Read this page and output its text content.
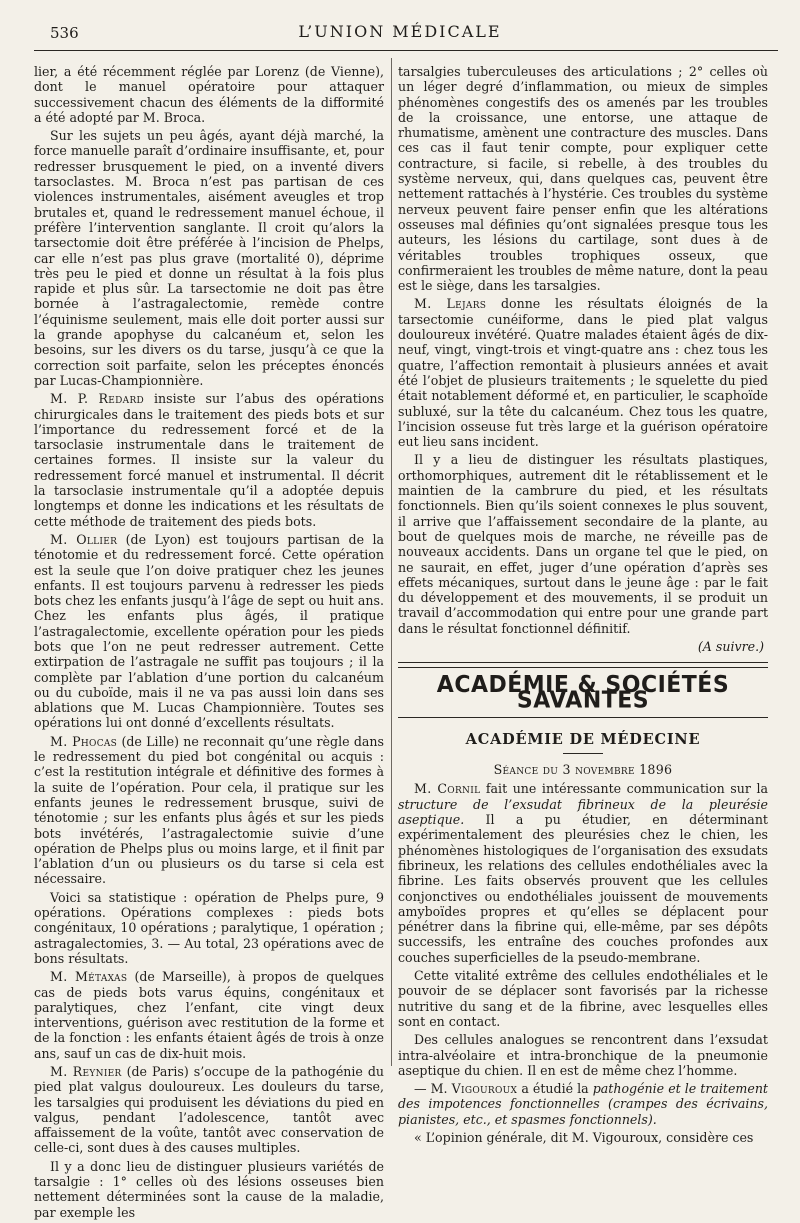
536	L’UNION MÉDICALE

lier, a été récemment réglée par Lorenz (de Vienne), dont le manuel opératoire pour attaquer successivement chacun des éléments de la difformité a été adopté par M. Broca.

Sur les sujets un peu âgés, ayant déjà marché, la force manuelle paraît d’ordinaire insuffisante, et, pour redresser brusquement le pied, on a inventé divers tarsoclastes. M. Broca n’est pas partisan de ces violences instrumentales, aisément aveugles et trop brutales et, quand le redressement manuel échoue, il préfère l’intervention sanglante. Il croit qu’alors la tarsectomie doit être préférée à l’incision de Phelps, car elle n’est pas plus grave (mortalité 0), déprime très peu le pied et donne un résultat à la fois plus rapide et plus sûr. La tarsectomie ne doit pas être bornée à l’astragalectomie, remède contre l’équinisme seulement, mais elle doit porter aussi sur la grande apophyse du calcanéum et, selon les besoins, sur les divers os du tarse, jusqu’à ce que la correction soit parfaite, selon les préceptes énoncés par Lucas-Championnière.

M. P. Redard insiste sur l’abus des opérations chirurgicales dans le traitement des pieds bots et sur l’importance du redressement forcé et de la tarsoclasie instrumentale dans le traitement de certaines formes. Il insiste sur la valeur du redressement forcé manuel et instrumental. Il décrit la tarsoclasie instrumentale qu’il a adoptée depuis longtemps et donne les indications et les résultats de cette méthode de traitement des pieds bots.

M. Ollier (de Lyon) est toujours partisan de la ténotomie et du redressement forcé. Cette opération est la seule que l’on doive pratiquer chez les jeunes enfants. Il est toujours parvenu à redresser les pieds bots chez les enfants jusqu’à l’âge de sept ou huit ans. Chez les enfants plus âgés, il pratique l’astragalectomie, excellente opération pour les pieds bots que l’on ne peut redresser autrement. Cette extirpation de l’astragale ne suffit pas toujours ; il la complète par l’ablation d’une portion du calcanéum ou du cuboïde, mais il ne va pas aussi loin dans ses ablations que M. Lucas Championnière. Toutes ses opérations lui ont donné d’excellents résultats.

M. Phocas (de Lille) ne reconnait qu’une règle dans le redressement du pied bot congénital ou acquis : c’est la restitution intégrale et définitive des formes à la suite de l’opération. Pour cela, il pratique sur les enfants jeunes le redressement brusque, suivi de ténotomie ; sur les enfants plus âgés et sur les pieds bots invétérés, l’astragalectomie suivie d’une opération de Phelps plus ou moins large, et il finit par l’ablation d’un ou plusieurs os du tarse si cela est nécessaire.

Voici sa statistique : opération de Phelps pure, 9 opérations. Opérations complexes : pieds bots congénitaux, 10 opérations ; paralytique, 1 opération ; astragalectomies, 3. — Au total, 23 opérations avec de bons résultats.

M. Métaxas (de Marseille), à propos de quelques cas de pieds bots varus équins, congénitaux et paralytiques, chez l’enfant, cite vingt deux interventions, guérison avec restitution de la forme et de la fonction : les enfants étaient âgés de trois à onze ans, sauf un cas de dix-huit mois.

M. Reynier (de Paris) s’occupe de la pathogénie du pied plat valgus douloureux. Les douleurs du tarse, les tarsalgies qui produisent les déviations du pied en valgus, pendant l’adolescence, tantôt avec affaissement de la voûte, tantôt avec conservation de celle-ci, sont dues à des causes multiples.

Il y a donc lieu de distinguer plusieurs variétés de tarsalgie : 1° celles où des lésions osseuses bien nettement déterminées sont la cause de la maladie, par exemple les

tarsalgies tuberculeuses des articulations ; 2° celles où un léger degré d’inflammation, ou mieux de simples phénomènes congestifs des os amenés par les troubles de la croissance, une entorse, une attaque de rhumatisme, amènent une contracture des muscles. Dans ces cas il faut tenir compte, pour expliquer cette contracture, si facile, si rebelle, à des troubles du système nerveux, qui, dans quelques cas, peuvent être nettement rattachés à l’hystérie. Ces troubles du système nerveux peuvent faire penser enfin que les altérations osseuses mal définies qu’ont signalées presque tous les auteurs, les lésions du cartilage, sont dues à de véritables troubles trophiques osseux, que confirmeraient les troubles de même nature, dont la peau est le siège, dans les tarsalgies.

M. Lejars donne les résultats éloignés de la tarsectomie cunéiforme, dans le pied plat valgus douloureux invétéré. Quatre malades étaient âgés de dix-neuf, vingt, vingt-trois et vingt-quatre ans : chez tous les quatre, l’affection remontait à plusieurs années et avait été l’objet de plusieurs traitements ; le squelette du pied était notablement déformé et, en particulier, le scaphoïde subluxé, sur la tête du calcanéum. Chez tous les quatre, l’incision osseuse fut très large et la guérison opératoire eut lieu sans incident.

Il y a lieu de distinguer les résultats plastiques, orthomorphiques, autrement dit le rétablissement et le maintien de la cambrure du pied, et les résultats fonctionnels. Bien qu’ils soient connexes le plus souvent, il arrive que l’affaissement secondaire de la plante, au bout de quelques mois de marche, ne réveille pas de nouveaux accidents. Dans un organe tel que le pied, on ne saurait, en effet, juger d’une opération d’après ses effets mécaniques, surtout dans le jeune âge : par le fait du développement et des mouvements, il se produit un travail d’accommodation qui entre pour une grande part dans le résultat fonctionnel définitif.

(A suivre.)
ACADÉMIE & SOCIÉTÉS SAVANTES
ACADÉMIE DE MÉDECINE
Séance du 3 novembre 1896

M. Cornil fait une intéressante communication sur la structure de l’exsudat fibrineux de la pleurésie aseptique. Il a pu étudier, en déterminant expérimentalement des pleurésies chez le chien, les phénomènes histologiques de l’organisation des exsudats fibrineux, les relations des cellules endothéliales avec la fibrine. Les faits observés prouvent que les cellules conjonctives ou endothéliales jouissent de mouvements amyboïdes propres et qu’elles se déplacent pour pénétrer dans la fibrine qui, elle-même, par ses dépôts successifs, les entraîne des couches profondes aux couches superficielles de la pseudo-membrane.

Cette vitalité extrême des cellules endothéliales et le pouvoir de se déplacer sont favorisés par la richesse nutritive du sang et de la fibrine, avec lesquelles elles sont en contact.

Des cellules analogues se rencontrent dans l’exsudat intra-alvéolaire et intra-bronchique de la pneumonie aseptique du chien. Il en est de même chez l’homme.

— M. Vigouroux a étudié la pathogénie et le traitement des impotences fonctionnelles (crampes des écrivains, pianistes, etc., et spasmes fonctionnels).

« L’opinion générale, dit M. Vigouroux, considère ces
